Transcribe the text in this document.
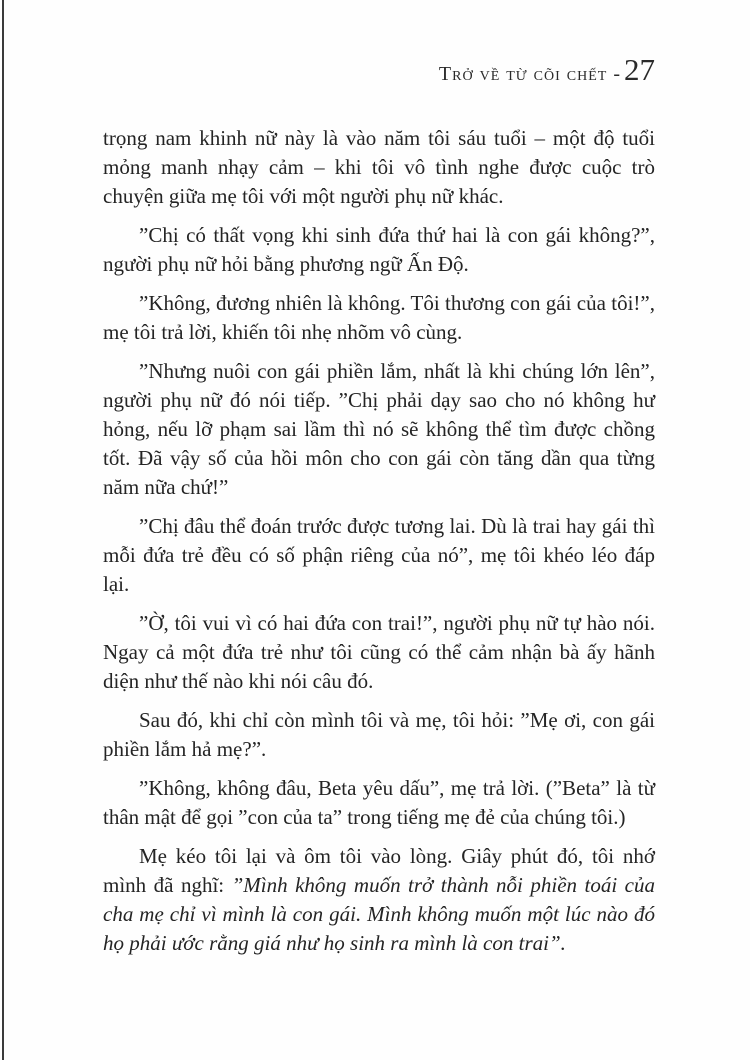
Trở về từ cõi chết - 27

trọng nam khinh nữ này là vào năm tôi sáu tuổi – một độ tuổi mỏng manh nhạy cảm – khi tôi vô tình nghe được cuộc trò chuyện giữa mẹ tôi với một người phụ nữ khác.

”Chị có thất vọng khi sinh đứa thứ hai là con gái không?”, người phụ nữ hỏi bằng phương ngữ Ấn Độ.

”Không, đương nhiên là không. Tôi thương con gái của tôi!”, mẹ tôi trả lời, khiến tôi nhẹ nhõm vô cùng.

”Nhưng nuôi con gái phiền lắm, nhất là khi chúng lớn lên”, người phụ nữ đó nói tiếp. ”Chị phải dạy sao cho nó không hư hỏng, nếu lỡ phạm sai lầm thì nó sẽ không thể tìm được chồng tốt. Đã vậy số của hồi môn cho con gái còn tăng dần qua từng năm nữa chứ!”

”Chị đâu thể đoán trước được tương lai. Dù là trai hay gái thì mỗi đứa trẻ đều có số phận riêng của nó”, mẹ tôi khéo léo đáp lại.

”Ờ, tôi vui vì có hai đứa con trai!”, người phụ nữ tự hào nói. Ngay cả một đứa trẻ như tôi cũng có thể cảm nhận bà ấy hãnh diện như thế nào khi nói câu đó.

Sau đó, khi chỉ còn mình tôi và mẹ, tôi hỏi: ”Mẹ ơi, con gái phiền lắm hả mẹ?”.

”Không, không đâu, Beta yêu dấu”, mẹ trả lời. (”Beta” là từ thân mật để gọi ”con của ta” trong tiếng mẹ đẻ của chúng tôi.)

Mẹ kéo tôi lại và ôm tôi vào lòng. Giây phút đó, tôi nhớ mình đã nghĩ: ”Mình không muốn trở thành nỗi phiền toái của cha mẹ chỉ vì mình là con gái. Mình không muốn một lúc nào đó họ phải ước rằng giá như họ sinh ra mình là con trai”.
